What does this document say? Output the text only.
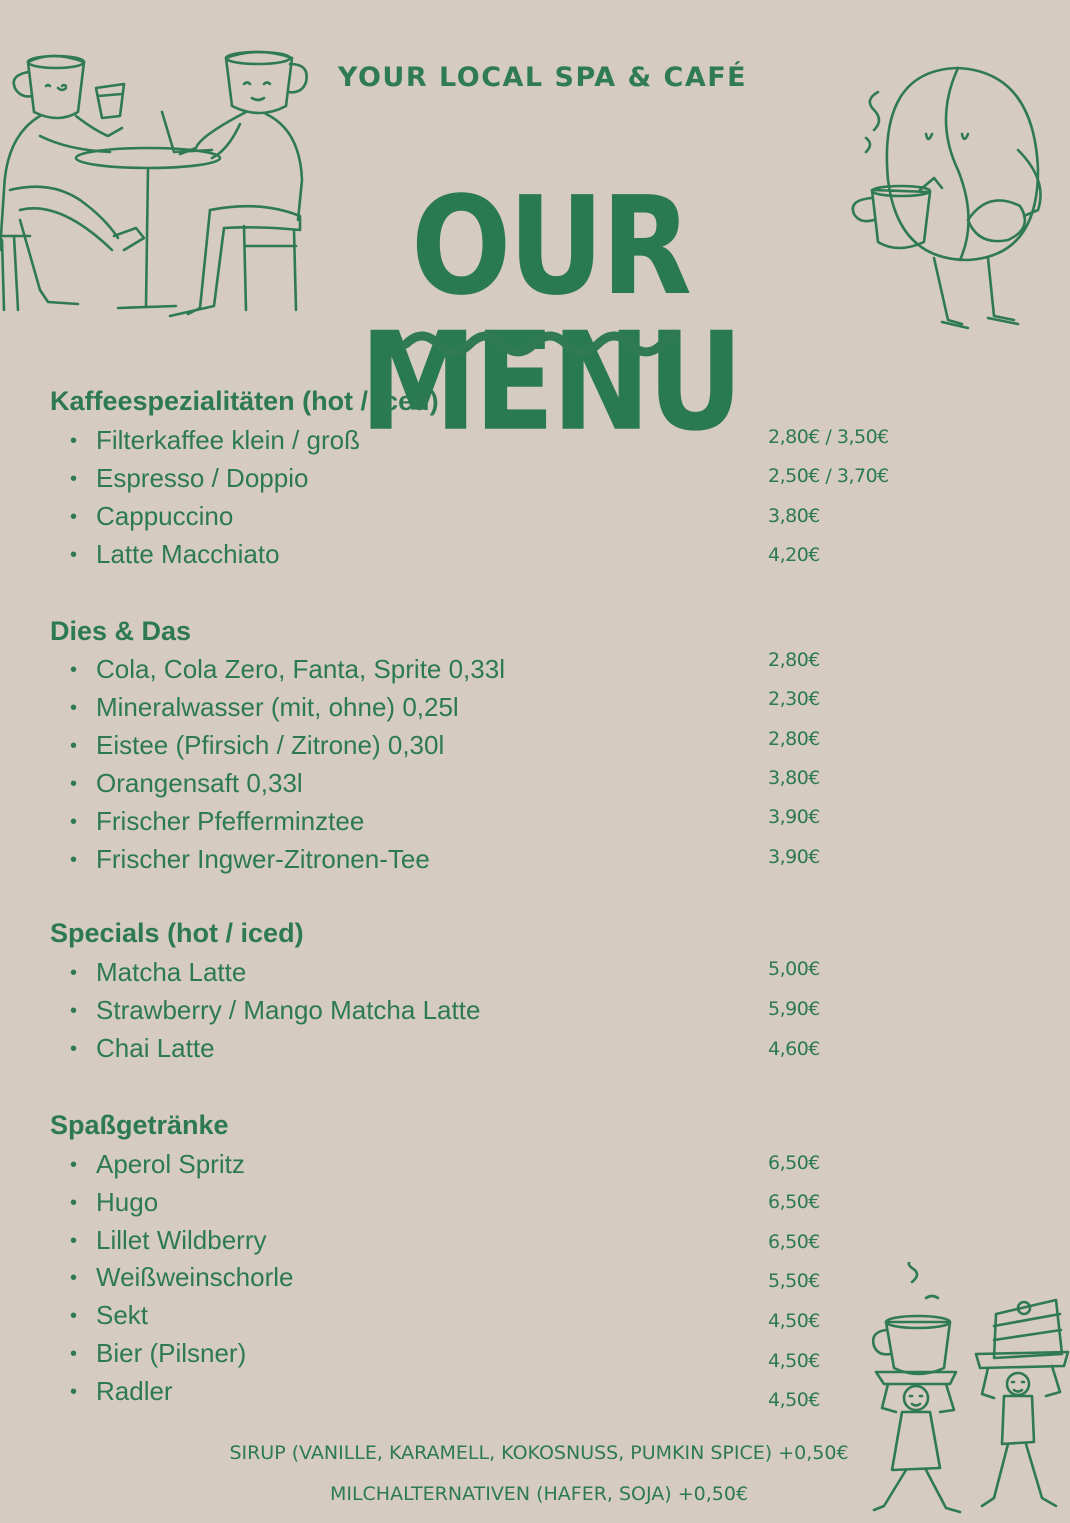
YOUR LOCAL SPA & CAFÉ
OUR MENU
Kaffeespezialitäten (hot / iced)
• Filterkaffee klein / groß	2,80€ / 3,50€
• Espresso / Doppio	2,50€ / 3,70€
• Cappuccino	3,80€
• Latte Macchiato	4,20€
Dies & Das
• Cola, Cola Zero, Fanta, Sprite 0,33l	2,80€
• Mineralwasser (mit, ohne) 0,25l	2,30€
• Eistee (Pfirsich / Zitrone) 0,30l	2,80€
• Orangensaft 0,33l	3,80€
• Frischer Pfefferminztee	3,90€
• Frischer Ingwer-Zitronen-Tee	3,90€
Specials (hot / iced)
• Matcha Latte	5,00€
• Strawberry / Mango Matcha Latte	5,90€
• Chai Latte	4,60€
Spaßgetränke
• Aperol Spritz	6,50€
• Hugo	6,50€
• Lillet Wildberry	6,50€
• Weißweinschorle	5,50€
• Sekt	4,50€
• Bier (Pilsner)	4,50€
• Radler	4,50€
SIRUP (VANILLE, KARAMELL, KOKOSNUSS, PUMKIN SPICE) +0,50€
MILCHALTERNATIVEN (HAFER, SOJA) +0,50€
